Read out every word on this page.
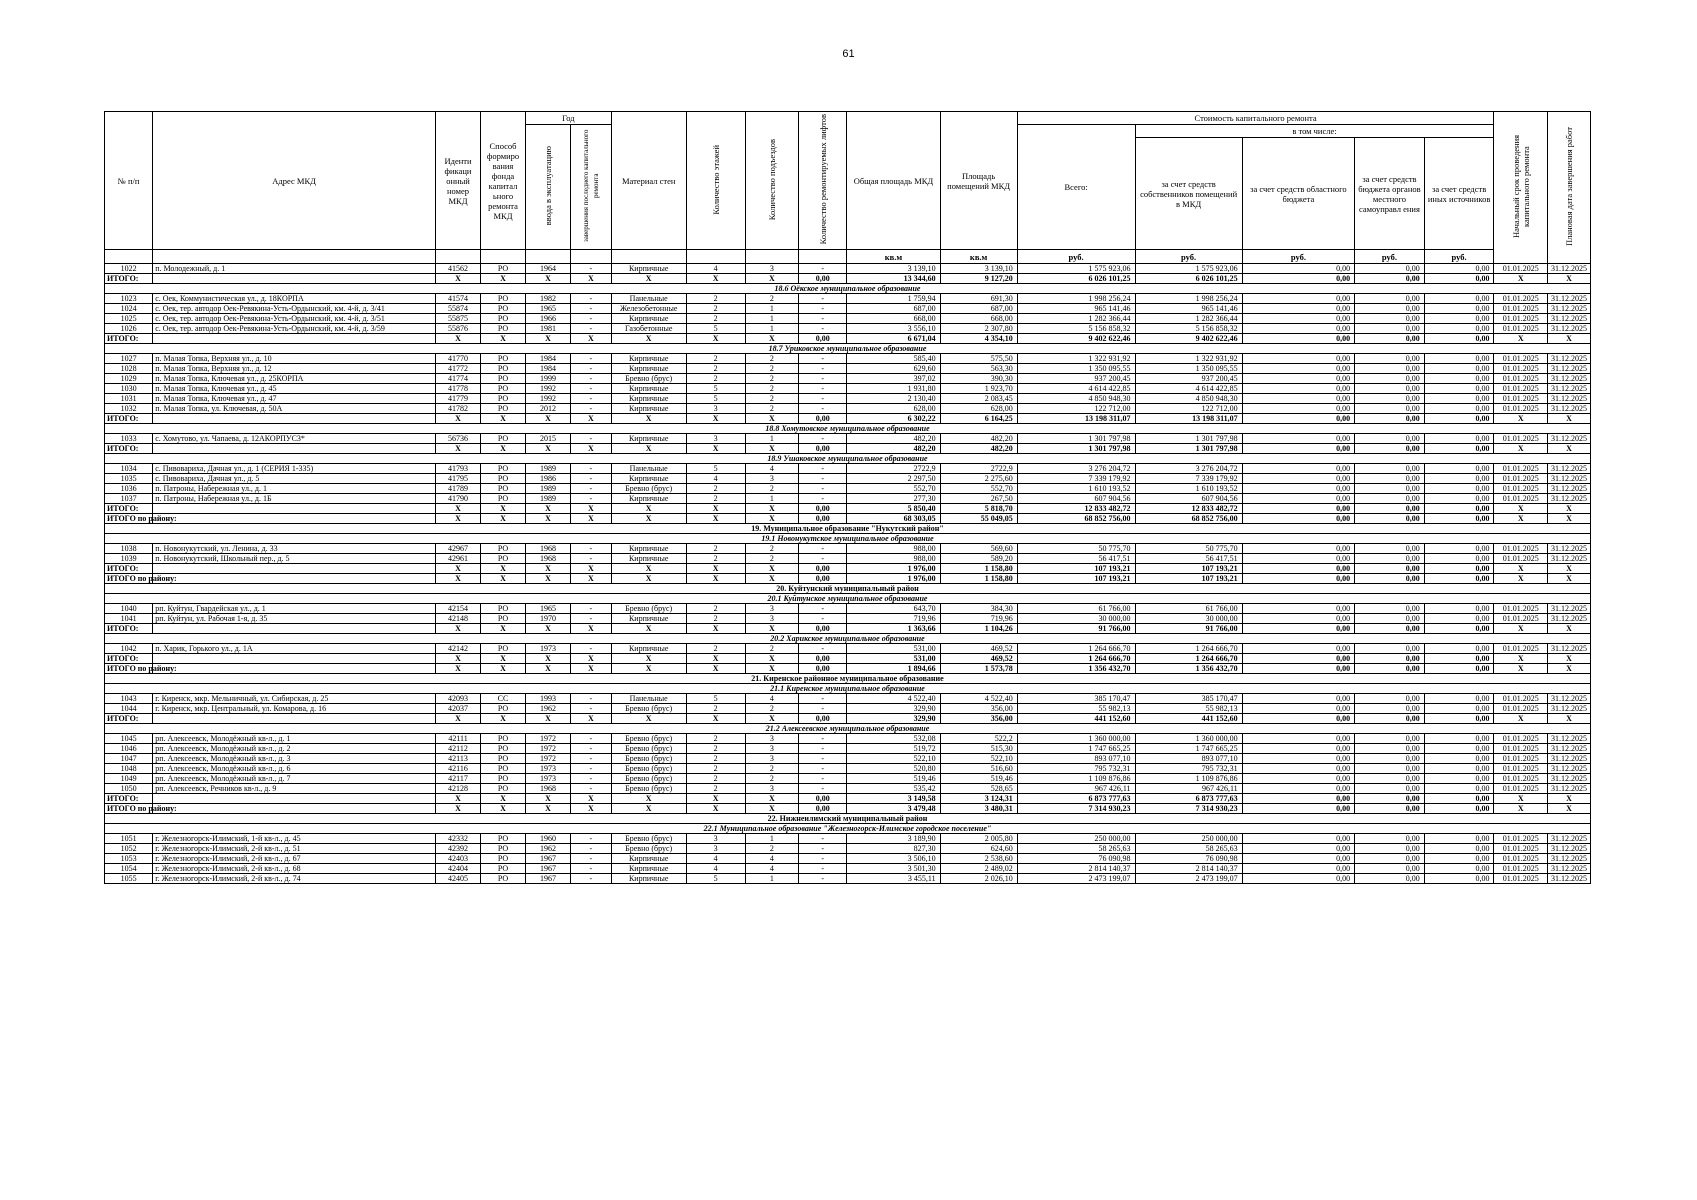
61
№ п/п	Адрес МКД	Иденти фикаци онный номер МКД	Способ формиро вания фонда капитал ьного ремонта МКД	Год		Материал стен	Количество этажей	Количество подъездов	Количество ремонтируемых лифтов	Общая площадь МКД	Площадь помещений МКД	Стоимость капитального ремонта					Начальный срок проведения капитального ремонта	Плановая дата завершения работ
				ввода в эксплуатацию	завершения последнего капитального ремонта							Всего:	в том числе:					
													за счет средств собственников помещений в МКД	за счет средств областного бюджета	за счет средств бюджета органов местного самоуправл ения	за счет средств иных источников		
										кв.м	кв.м	руб.	руб.	руб.	руб.	руб.		
1022	п. Молодежный, д. 1	41562	РО	1964	-	Кирпичные	4	3	-	3 139,10	3 139,10	1 575 923,06	1 575 923,06	0,00	0,00	0,00	01.01.2025	31.12.2025
ИТОГО:		Х	Х	Х	Х	Х	Х	Х	0,00	13 344,60	9 127,20	6 026 101,25	6 026 101,25	0,00	0,00	0,00	Х	Х
18.6 Оёкское муниципальное образование																		
1023	с. Оек, Коммунистическая ул., д. 18КОРПА	41574	РО	1982	-	Панельные	2	2	-	1 759,94	691,30	1 998 256,24	1 998 256,24	0,00	0,00	0,00	01.01.2025	31.12.2025
1024	с. Оек, тер. автодор Оек-Ревякина-Усть-Ордынский, км. 4-й, д. 3/41	55874	РО	1965	-	Железобетонные	2	1	-	687,00	687,00	965 141,46	965 141,46	0,00	0,00	0,00	01.01.2025	31.12.2025
1025	с. Оек, тер. автодор Оек-Ревякина-Усть-Ордынский, км. 4-й, д. 3/51	55875	РО	1966	-	Кирпичные	2	1	-	668,00	668,00	1 282 366,44	1 282 366,44	0,00	0,00	0,00	01.01.2025	31.12.2025
1026	с. Оек, тер. автодор Оек-Ревякина-Усть-Ордынский, км. 4-й, д. 3/59	55876	РО	1981	-	Газобетонные	5	1	-	3 556,10	2 307,80	5 156 858,32	5 156 858,32	0,00	0,00	0,00	01.01.2025	31.12.2025
ИТОГО:		Х	Х	Х	Х	Х	Х	Х	0,00	6 671,04	4 354,10	9 402 622,46	9 402 622,46	0,00	0,00	0,00	Х	Х
18.7 Уриковское муниципальное образование																		
1027	п. Малая Топка, Верхняя ул., д. 10	41770	РО	1984	-	Кирпичные	2	2	-	585,40	575,50	1 322 931,92	1 322 931,92	0,00	0,00	0,00	01.01.2025	31.12.2025
1028	п. Малая Топка, Верхняя ул., д. 12	41772	РО	1984	-	Кирпичные	2	2	-	629,60	563,30	1 350 095,55	1 350 095,55	0,00	0,00	0,00	01.01.2025	31.12.2025
1029	п. Малая Топка, Ключевая ул., д. 25КОРПА	41774	РО	1999	-	Бревно (брус)	2	2	-	397,02	390,30	937 200,45	937 200,45	0,00	0,00	0,00	01.01.2025	31.12.2025
1030	п. Малая Топка, Ключевая ул., д. 45	41778	РО	1992	-	Кирпичные	5	2	-	1 931,80	1 923,70	4 614 422,85	4 614 422,85	0,00	0,00	0,00	01.01.2025	31.12.2025
1031	п. Малая Топка, Ключевая ул., д. 47	41779	РО	1992	-	Кирпичные	5	2	-	2 130,40	2 083,45	4 850 948,30	4 850 948,30	0,00	0,00	0,00	01.01.2025	31.12.2025
1032	п. Малая Топка, ул. Ключевая, д. 50А	41782	РО	2012	-	Кирпичные	3	2	-	628,00	628,00	122 712,00	122 712,00	0,00	0,00	0,00	01.01.2025	31.12.2025
ИТОГО:		Х	Х	Х	Х	Х	Х	Х	0,00	6 302,22	6 164,25	13 198 311,07	13 198 311,07	0,00	0,00	0,00	Х	Х
18.8 Хомутовское муниципальное образование																		
1033	с. Хомутово, ул. Чапаева, д. 12АКОРПУС3*	56736	РО	2015	-	Кирпичные	3	1	-	482,20	482,20	1 301 797,98	1 301 797,98	0,00	0,00	0,00	01.01.2025	31.12.2025
ИТОГО:		Х	Х	Х	Х	Х	Х	Х	0,00	482,20	482,20	1 301 797,98	1 301 797,98	0,00	0,00	0,00	Х	Х
18.9 Ушаковское муниципальное образование																		
1034	с. Пивовариха, Дачная ул., д. 1 (СЕРИЯ 1-335)	41793	РО	1989	-	Панельные	5	4	-	2722,9	2722,9	3 276 204,72	3 276 204,72	0,00	0,00	0,00	01.01.2025	31.12.2025
1035	с. Пивовариха, Дачная ул., д. 5	41795	РО	1986	-	Кирпичные	4	3	-	2 297,50	2 275,60	7 339 179,92	7 339 179,92	0,00	0,00	0,00	01.01.2025	31.12.2025
1036	п. Патроны, Набережная ул., д. 1	41789	РО	1989	-	Бревно (брус)	2	2	-	552,70	552,70	1 610 193,52	1 610 193,52	0,00	0,00	0,00	01.01.2025	31.12.2025
1037	п. Патроны, Набережная ул., д. 1Б	41790	РО	1989	-	Кирпичные	2	1	-	277,30	267,50	607 904,56	607 904,56	0,00	0,00	0,00	01.01.2025	31.12.2025
ИТОГО:		Х	Х	Х	Х	Х	Х	Х	0,00	5 850,40	5 818,70	12 833 482,72	12 833 482,72	0,00	0,00	0,00	Х	Х
ИТОГО по району:		Х	Х	Х	Х	Х	Х	Х	0,00	68 303,05	55 049,05	68 852 756,00	68 852 756,00	0,00	0,00	0,00	Х	Х
19. Муниципальное образование "Нукутский район"																		
19.1 Новонукутское муниципальное образование																		
1038	п. Новонукутский, ул. Ленина, д. 33	42967	РО	1968	-	Кирпичные	2	2	-	988,00	569,60	50 775,70	50 775,70	0,00	0,00	0,00	01.01.2025	31.12.2025
1039	п. Новонукутский, Школьный пер., д. 5	42961	РО	1968	-	Кирпичные	2	2	-	988,00	589,20	56 417,51	56 417,51	0,00	0,00	0,00	01.01.2025	31.12.2025
ИТОГО:		Х	Х	Х	Х	Х	Х	Х	0,00	1 976,00	1 158,80	107 193,21	107 193,21	0,00	0,00	0,00	Х	Х
ИТОГО по району:		Х	Х	Х	Х	Х	Х	Х	0,00	1 976,00	1 158,80	107 193,21	107 193,21	0,00	0,00	0,00	Х	Х
20. Куйтунский муниципальный район																		
20.1 Куйтунское муниципальное образование																		
1040	рп. Куйтун, Гвардейская ул., д. 1	42154	РО	1965	-	Бревно (брус)	2	3	-	643,70	384,30	61 766,00	61 766,00	0,00	0,00	0,00	01.01.2025	31.12.2025
1041	рп. Куйтун, ул. Рабочая 1-я, д. 35	42148	РО	1970	-	Кирпичные	2	3	-	719,96	719,96	30 000,00	30 000,00	0,00	0,00	0,00	01.01.2025	31.12.2025
ИТОГО:		Х	Х	Х	Х	Х	Х	Х	0,00	1 363,66	1 104,26	91 766,00	91 766,00	0,00	0,00	0,00	Х	Х
20.2 Харикское муниципальное образование																		
1042	п. Харик, Горького ул., д. 1А	42142	РО	1973	-	Кирпичные	2	2	-	531,00	469,52	1 264 666,70	1 264 666,70	0,00	0,00	0,00	01.01.2025	31.12.2025
ИТОГО:		Х	Х	Х	Х	Х	Х	Х	0,00	531,00	469,52	1 264 666,70	1 264 666,70	0,00	0,00	0,00	Х	Х
ИТОГО по району:		Х	Х	Х	Х	Х	Х	Х	0,00	1 894,66	1 573,78	1 356 432,70	1 356 432,70	0,00	0,00	0,00	Х	Х
21. Киренское районное муниципальное образование																		
21.1 Киренское муниципальное образование																		
1043	г. Киренск, мкр. Мельничный, ул. Сибирская, д. 25	42093	СС	1993	-	Панельные	5	4	-	4 522,40	4 522,40	385 170,47	385 170,47	0,00	0,00	0,00	01.01.2025	31.12.2025
1044	г. Киренск, мкр. Центральный, ул. Комарова, д. 16	42037	РО	1962	-	Бревно (брус)	2	2	-	329,90	356,00	55 982,13	55 982,13	0,00	0,00	0,00	01.01.2025	31.12.2025
ИТОГО:		Х	Х	Х	Х	Х	Х	Х	0,00	329,90	356,00	441 152,60	441 152,60	0,00	0,00	0,00	Х	Х
21.2 Алексеевское муниципальное образование																		
1045	рп. Алексеевск, Молодёжный кв-л., д. 1	42111	РО	1972	-	Бревно (брус)	2	3	-	532,08	522,2	1 360 000,00	1 360 000,00	0,00	0,00	0,00	01.01.2025	31.12.2025
1046	рп. Алексеевск, Молодёжный кв-л., д. 2	42112	РО	1972	-	Бревно (брус)	2	3	-	519,72	515,30	1 747 665,25	1 747 665,25	0,00	0,00	0,00	01.01.2025	31.12.2025
1047	рп. Алексеевск, Молодёжный кв-л., д. 3	42113	РО	1972	-	Бревно (брус)	2	3	-	522,10	522,10	893 077,10	893 077,10	0,00	0,00	0,00	01.01.2025	31.12.2025
1048	рп. Алексеевск, Молодёжный кв-л., д. 6	42116	РО	1973	-	Бревно (брус)	2	2	-	520,80	516,60	795 732,31	795 732,31	0,00	0,00	0,00	01.01.2025	31.12.2025
1049	рп. Алексеевск, Молодёжный кв-л., д. 7	42117	РО	1973	-	Бревно (брус)	2	2	-	519,46	519,46	1 109 876,86	1 109 876,86	0,00	0,00	0,00	01.01.2025	31.12.2025
1050	рп. Алексеевск, Речников кв-л., д. 9	42128	РО	1968	-	Бревно (брус)	2	3	-	535,42	528,65	967 426,11	967 426,11	0,00	0,00	0,00	01.01.2025	31.12.2025
ИТОГО:		Х	Х	Х	Х	Х	Х	Х	0,00	3 149,58	3 124,31	6 873 777,63	6 873 777,63	0,00	0,00	0,00	Х	Х
ИТОГО по району:		Х	Х	Х	Х	Х	Х	Х	0,00	3 479,48	3 480,31	7 314 930,23	7 314 930,23	0,00	0,00	0,00	Х	Х
22. Нижнеилимский муниципальный район																		
22.1 Муниципальное образование "Железногорск-Илимское городское поселение"																		
1051	г. Железногорск-Илимский, 1-й кв-л., д. 45	42332	РО	1960	-	Бревно (брус)	3	1	-	3 189,90	2 005,80	250 000,00	250 000,00	0,00	0,00	0,00	01.01.2025	31.12.2025
1052	г. Железногорск-Илимский, 2-й кв-л., д. 51	42392	РО	1962	-	Бревно (брус)	3	2	-	827,30	624,60	58 265,63	58 265,63	0,00	0,00	0,00	01.01.2025	31.12.2025
1053	г. Железногорск-Илимский, 2-й кв-л., д. 67	42403	РО	1967	-	Кирпичные	4	4	-	3 506,10	2 538,60	76 090,98	76 090,98	0,00	0,00	0,00	01.01.2025	31.12.2025
1054	г. Железногорск-Илимский, 2-й кв-л., д. 68	42404	РО	1967	-	Кирпичные	4	4	-	3 501,30	2 489,02	2 814 140,37	2 814 140,37	0,00	0,00	0,00	01.01.2025	31.12.2025
1055	г. Железногорск-Илимский, 2-й кв-л., д. 74	42405	РО	1967	-	Кирпичные	5	1	-	3 455,11	2 026,10	2 473 199,07	2 473 199,07	0,00	0,00	0,00	01.01.2025	31.12.2025
